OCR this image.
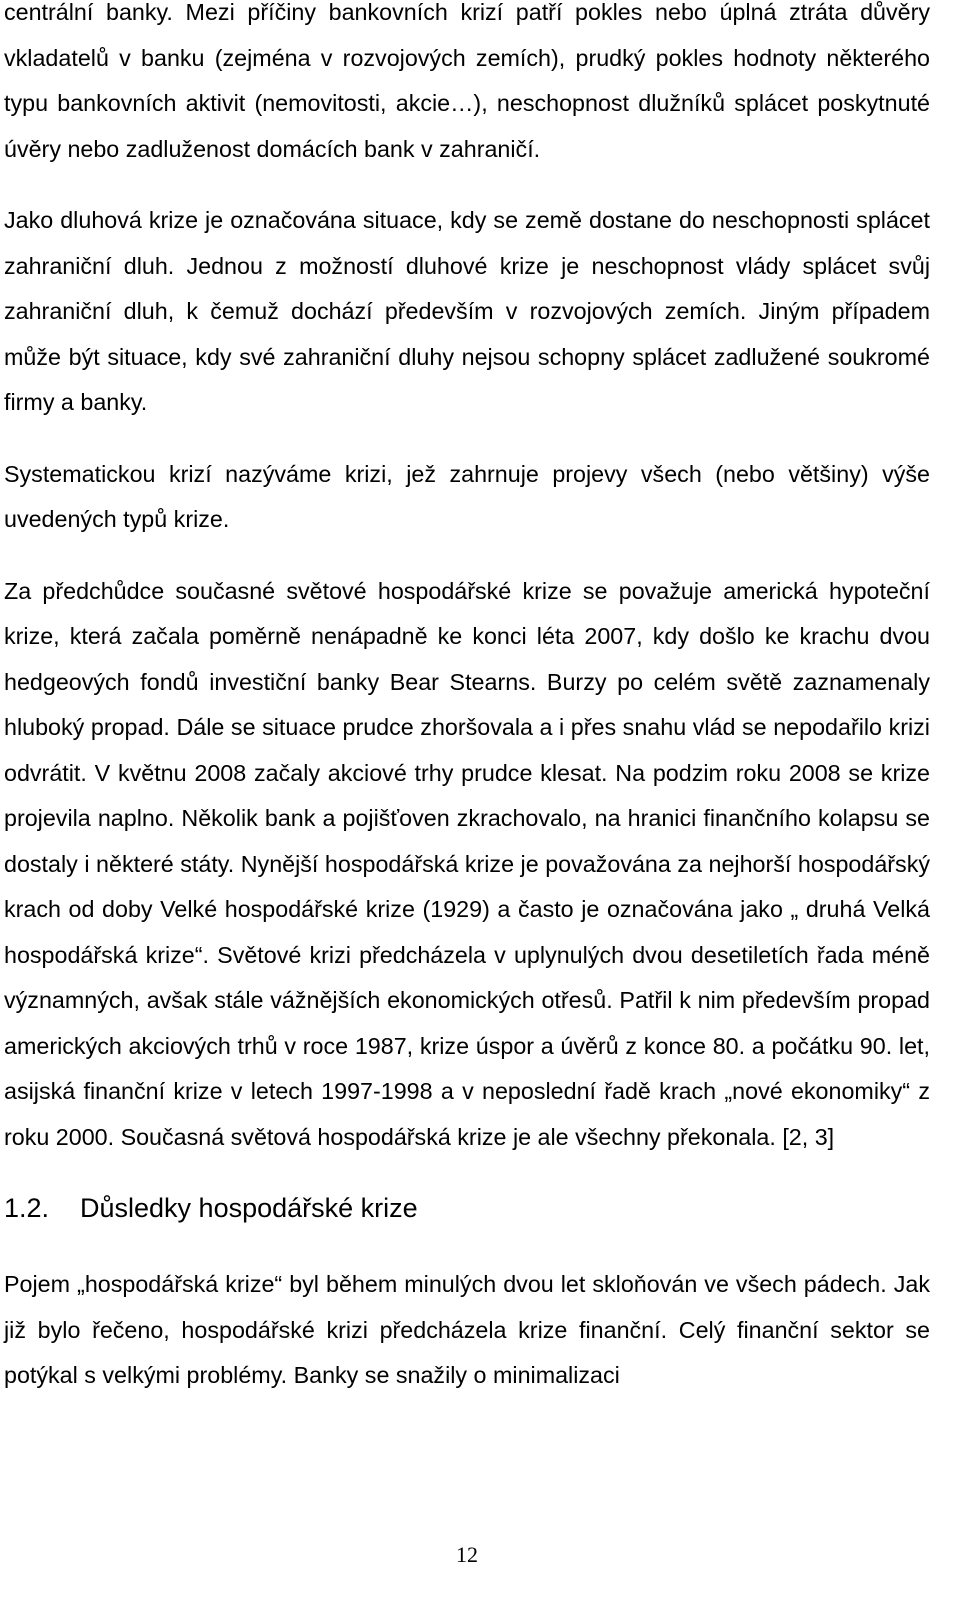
centrální banky. Mezi příčiny bankovních krizí patří pokles nebo úplná ztráta důvěry vkladatelů v banku (zejména v rozvojových zemích), prudký pokles hodnoty některého typu bankovních aktivit (nemovitosti, akcie…), neschopnost dlužníků splácet poskytnuté úvěry nebo zadluženost domácích bank v zahraničí.

Jako dluhová krize je označována situace, kdy se země dostane do neschopnosti splácet zahraniční dluh. Jednou z možností dluhové krize je neschopnost vlády splácet svůj zahraniční dluh, k čemuž dochází především v rozvojových zemích. Jiným případem může být situace, kdy své zahraniční dluhy nejsou schopny splácet zadlužené soukromé firmy a banky.

Systematickou krizí nazýváme krizi, jež zahrnuje projevy všech (nebo většiny) výše uvedených typů krize.

Za předchůdce současné světové hospodářské krize se považuje americká hypoteční krize, která začala poměrně nenápadně ke konci léta 2007, kdy došlo ke krachu dvou hedgeových fondů investiční banky Bear Stearns. Burzy po celém světě zaznamenaly hluboký propad. Dále se situace prudce zhoršovala a i přes snahu vlád se nepodařilo krizi odvrátit. V květnu 2008 začaly akciové trhy prudce klesat. Na podzim roku 2008 se krize projevila naplno. Několik bank a pojišťoven zkrachovalo, na hranici finančního kolapsu se dostaly i některé státy. Nynější hospodářská krize je považována za nejhorší hospodářský krach od doby Velké hospodářské krize (1929) a často je označována jako „ druhá Velká hospodářská krize“. Světové krizi předcházela v uplynulých dvou desetiletích řada méně významných, avšak stále vážnějších ekonomických otřesů. Patřil k nim především propad amerických akciových trhů v roce 1987, krize úspor a úvěrů z konce 80. a počátku 90. let, asijská finanční krize v letech 1997-1998 a v neposlední řadě krach „nové ekonomiky“ z roku 2000. Současná světová hospodářská krize je ale všechny překonala. [2, 3]

1.2.	Důsledky hospodářské krize

Pojem „hospodářská krize“ byl během minulých dvou let skloňován ve všech pádech. Jak již bylo řečeno, hospodářské krizi předcházela krize finanční. Celý finanční sektor se potýkal s velkými problémy. Banky se snažily o minimalizaci

12
